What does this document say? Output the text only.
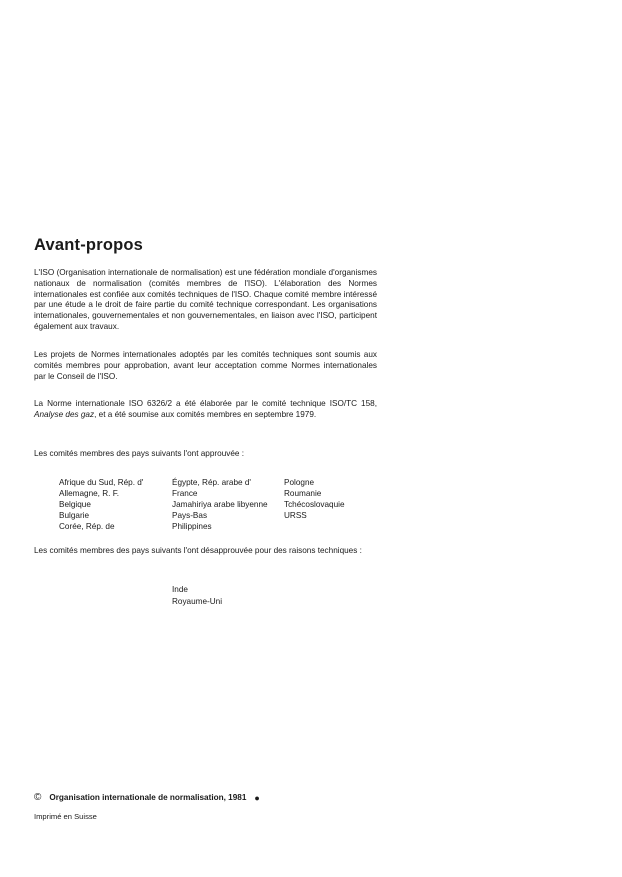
Avant-propos

L'ISO (Organisation internationale de normalisation) est une fédération mondiale d'organismes nationaux de normalisation (comités membres de l'ISO). L'élaboration des Normes internationales est confiée aux comités techniques de l'ISO. Chaque comité membre intéressé par une étude a le droit de faire partie du comité technique correspondant. Les organisations internationales, gouvernementales et non gouvernementales, en liaison avec l'ISO, participent également aux travaux.

Les projets de Normes internationales adoptés par les comités techniques sont soumis aux comités membres pour approbation, avant leur acceptation comme Normes internationales par le Conseil de l'ISO.

La Norme internationale ISO 6326/2 a été élaborée par le comité technique ISO/TC 158, Analyse des gaz, et a été soumise aux comités membres en septembre 1979.

Les comités membres des pays suivants l'ont approuvée :

Afrique du Sud, Rép. d'	Égypte, Rép. arabe d'	Pologne
Allemagne, R. F.	France	Roumanie
Belgique	Jamahiriya arabe libyenne	Tchécoslovaquie
Bulgarie	Pays-Bas	URSS
Corée, Rép. de	Philippines

Les comités membres des pays suivants l'ont désapprouvée pour des raisons techniques :

Inde
Royaume-Uni
© Organisation internationale de normalisation, 1981 ●
Imprimé en Suisse
